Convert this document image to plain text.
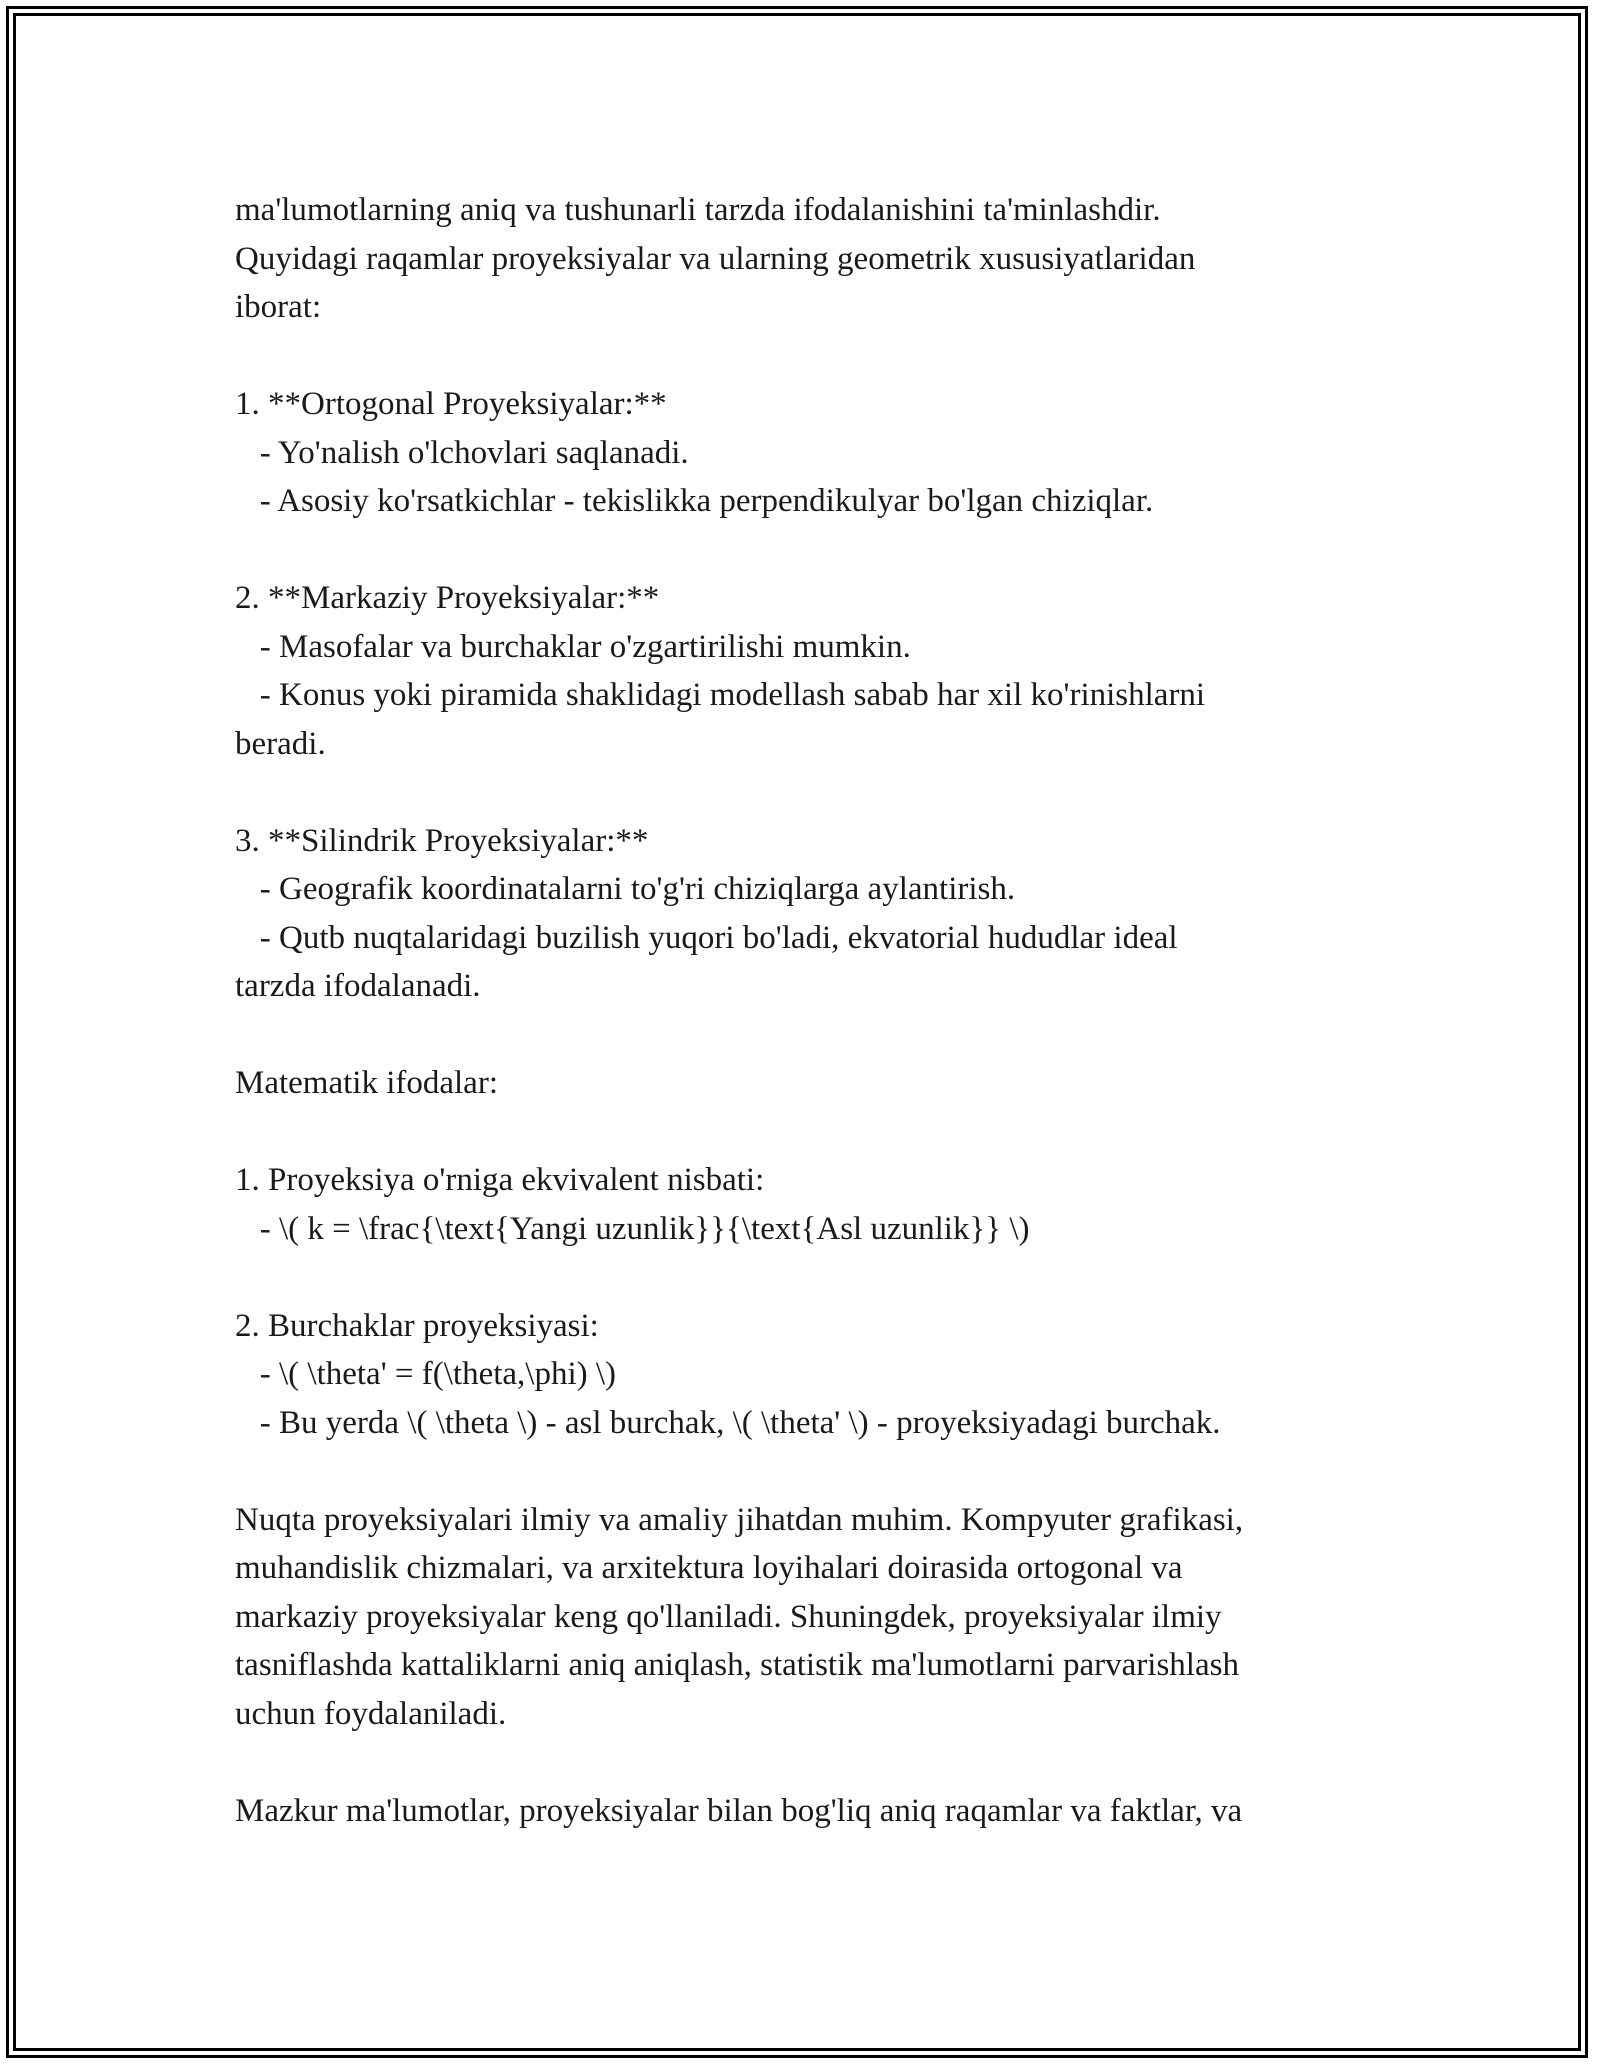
ma'lumotlarning aniq va tushunarli tarzda ifodalanishini ta'minlashdir.
Quyidagi raqamlar proyeksiyalar va ularning geometrik xususiyatlaridan
iborat:
1. **Ortogonal Proyeksiyalar:**
- Yo'nalish o'lchovlari saqlanadi.
- Asosiy ko'rsatkichlar - tekislikka perpendikulyar bo'lgan chiziqlar.
2. **Markaziy Proyeksiyalar:**
- Masofalar va burchaklar o'zgartirilishi mumkin.
- Konus yoki piramida shaklidagi modellash sabab har xil ko'rinishlarni
beradi.
3. **Silindrik Proyeksiyalar:**
- Geografik koordinatalarni to'g'ri chiziqlarga aylantirish.
- Qutb nuqtalaridagi buzilish yuqori bo'ladi, ekvatorial hududlar ideal
tarzda ifodalanadi.
Matematik ifodalar:
1. Proyeksiya o'rniga ekvivalent nisbati:
- \( k = \frac{\text{Yangi uzunlik}}{\text{Asl uzunlik}} \)
2. Burchaklar proyeksiyasi:
- \( \theta' = f(\theta,\phi) \)
- Bu yerda \( \theta \) - asl burchak, \( \theta' \) - proyeksiyadagi burchak.
Nuqta proyeksiyalari ilmiy va amaliy jihatdan muhim. Kompyuter grafikasi,
muhandislik chizmalari, va arxitektura loyihalari doirasida ortogonal va
markaziy proyeksiyalar keng qo'llaniladi. Shuningdek, proyeksiyalar ilmiy
tasniflashda kattaliklarni aniq aniqlash, statistik ma'lumotlarni parvarishlash
uchun foydalaniladi.
Mazkur ma'lumotlar, proyeksiyalar bilan bog'liq aniq raqamlar va faktlar, va
